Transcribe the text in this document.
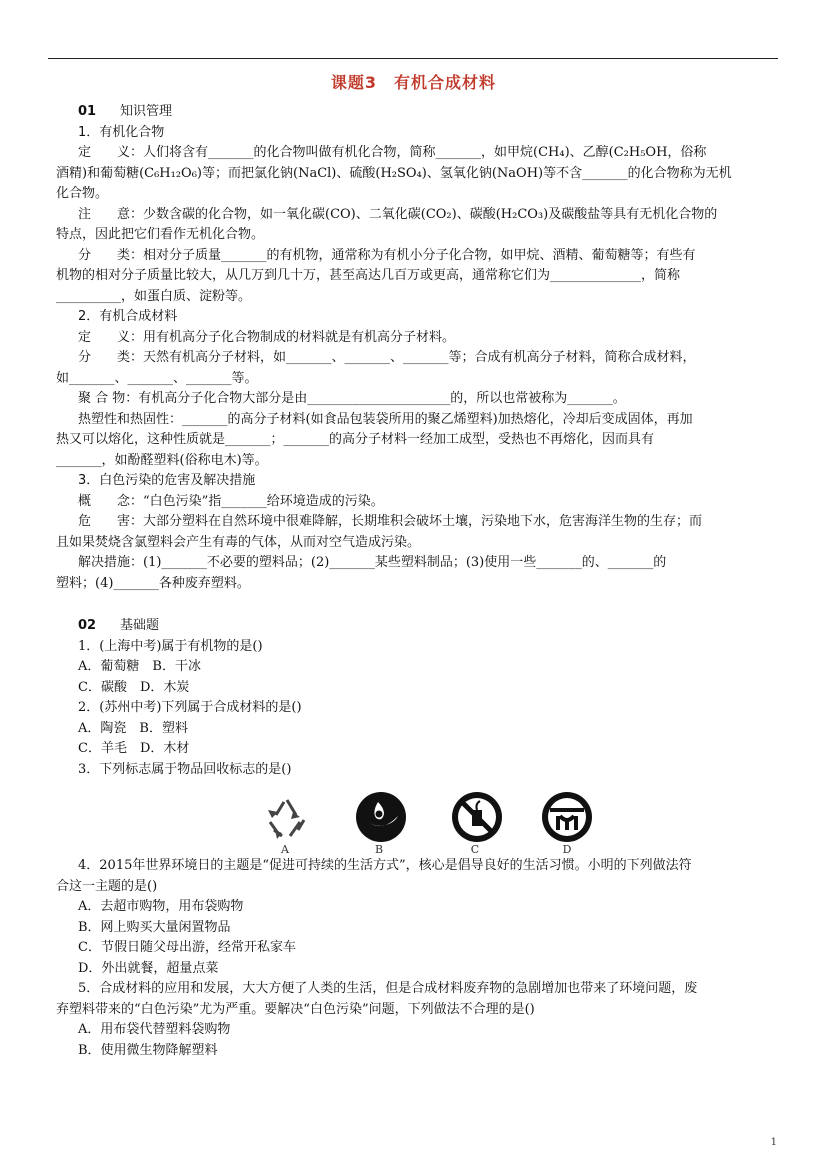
课题3　有机合成材料

01 知识管理

1．有机化合物

定　　义：人们将含有_______的化合物叫做有机化合物，简称_______，如甲烷(CH₄)、乙醇(C₂H₅OH，俗称

酒精)和葡萄糖(C₆H₁₂O₆)等；而把氯化钠(NaCl)、硫酸(H₂SO₄)、氢氧化钠(NaOH)等不含_______的化合物称为无机

化合物。

注　　意：少数含碳的化合物，如一氧化碳(CO)、二氧化碳(CO₂)、碳酸(H₂CO₃)及碳酸盐等具有无机化合物的

特点，因此把它们看作无机化合物。

分　　类：相对分子质量_______的有机物，通常称为有机小分子化合物，如甲烷、酒精、葡萄糖等；有些有

机物的相对分子质量比较大，从几万到几十万，甚至高达几百万或更高，通常称它们为______________，简称

__________，如蛋白质、淀粉等。

2．有机合成材料

定　　义：用有机高分子化合物制成的材料就是有机高分子材料。

分　　类：天然有机高分子材料，如_______、_______、_______等；合成有机高分子材料，简称合成材料，

如_______、_______、_______等。

聚 合 物：有机高分子化合物大部分是由______________________的，所以也常被称为_______。

热塑性和热固性：_______的高分子材料(如食品包装袋所用的聚乙烯塑料)加热熔化，冷却后变成固体，再加

热又可以熔化，这种性质就是_______；_______的高分子材料一经加工成型，受热也不再熔化，因而具有

_______，如酚醛塑料(俗称电木)等。

3．白色污染的危害及解决措施

概　　念：“白色污染”指_______给环境造成的污染。

危　　害：大部分塑料在自然环境中很难降解，长期堆积会破坏土壤，污染地下水，危害海洋生物的生存；而

且如果焚烧含氯塑料会产生有毒的气体，从而对空气造成污染。

解决措施：(1)_______不必要的塑料品；(2)_______某些塑料制品；(3)使用一些_______的、_______的

塑料；(4)_______各种废弃塑料。

02 基础题

1．(上海中考)属于有机物的是()

A．葡萄糖　B．干冰

C．碳酸　D．木炭

2．(苏州中考)下列属于合成材料的是()

A．陶瓷　B．塑料

C．羊毛　D．木材

3．下列标志属于物品回收标志的是()

A	B	C	D

4．2015年世界环境日的主题是“促进可持续的生活方式”，核心是倡导良好的生活习惯。小明的下列做法符

合这一主题的是()

A．去超市购物，用布袋购物

B．网上购买大量闲置物品

C．节假日随父母出游，经常开私家车

D．外出就餐，超量点菜

5．合成材料的应用和发展，大大方便了人类的生活，但是合成材料废弃物的急剧增加也带来了环境问题，废

弃塑料带来的“白色污染”尤为严重。要解决“白色污染”问题，下列做法不合理的是()

A．用布袋代替塑料袋购物

B．使用微生物降解塑料

1
